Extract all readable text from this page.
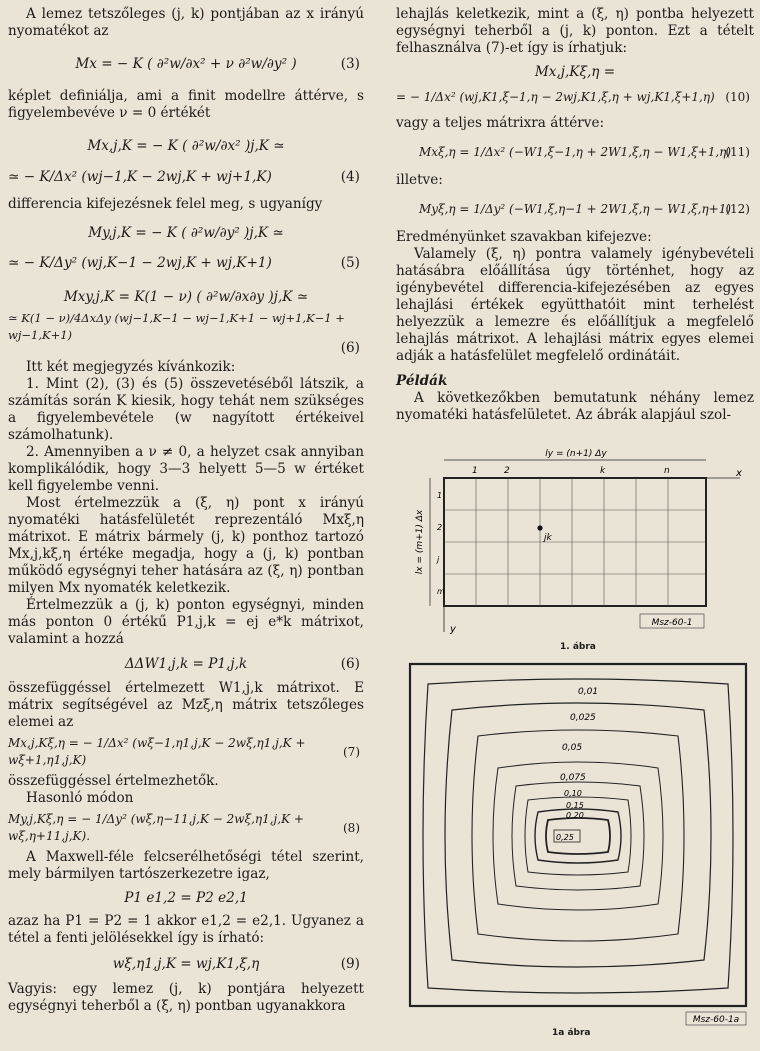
A lemez tetszőleges (j, k) pontjában az x irányú nyomatékot az

Mx = − K
( ∂²w/∂x² + ν ∂²w/∂y² )	(3)

képlet definiálja, ami a finit modellre áttérve, s figyelembevéve ν = 0 értékét

Mx,j,K = − K ( ∂²w/∂x² )j,K ≃
≃ − K/Δx² (wj−1,K − 2wj,K + wj+1,K)	(4)

differencia kifejezésnek felel meg, s ugyanígy

My,j,K = − K ( ∂²w/∂y² )j,K ≃
≃ − K/Δy² (wj,K−1 − 2wj,K + wj,K+1)	(5)
Mxy,j,K = K(1 − ν) ( ∂²w/∂x∂y )j,K ≃
≃ K(1 − ν)/4ΔxΔy (wj−1,K−1 − wj−1,K+1 − wj+1,K−1 + wj−1,K+1)
(6)

Itt két megjegyzés kívánkozik:

1. Mint (2), (3) és (5) összevetéséből látszik, a számítás során K kiesik, hogy tehát nem szükséges a figyelembevétele (w nagyított értékeivel számolhatunk).

2. Amennyiben a ν ≠ 0, a helyzet csak annyiban komplikálódik, hogy 3—3 helyett 5—5 w értéket kell figyelembe venni.

Most értelmezzük a (ξ, η) pont x irányú nyomatéki hatásfelületét reprezentáló Mxξ,η mátrixot. E mátrix bármely (j, k) ponthoz tartozó Mx,j,kξ,η értéke megadja, hogy a (j, k) pontban működő egységnyi teher hatására az (ξ, η) pontban milyen Mx nyomaték keletkezik.

Értelmezzük a (j, k) ponton egységnyi, minden más ponton 0 értékű P1,j,k = ej e*k mátrixot, valamint a hozzá

ΔΔW1,j,k = P1,j,k	(6)

összefüggéssel értelmezett W1,j,k mátrixot. E mátrix segítségével az Mzξ,η mátrix tetszőleges elemei az

Mx,j,Kξ,η = − 1/Δx² (wξ−1,η1,j,K − 2wξ,η1,j,K + wξ+1,η1,j,K)
(7)

összefüggéssel értelmezhetők.

Hasonló módon

My,j,Kξ,η = − 1/Δy² (wξ,η−11,j,K − 2wξ,η1,j,K + wξ,η+11,j,K).
(8)

A Maxwell-féle felcserélhetőségi tétel szerint, mely bármilyen tartószerkezetre igaz,

P1 e1,2 = P2 e2,1

azaz ha P1 = P2 = 1 akkor e1,2 = e2,1. Ugyanez a tétel a fenti jelölésekkel így is írható:

wξ,η1,j,K = wj,K1,ξ,η	(9)

Vagyis: egy lemez (j, k) pontjára helyezett egységnyi teherből a (ξ, η) pontban ugyanakkora

lehajlás keletkezik, mint a (ξ, η) pontba helyezett egységnyi teherből a (j, k) ponton. Ezt a tételt felhasználva (7)-et így is írhatjuk:

Mx,j,Kξ,η =
= − 1/Δx² (wj,K1,ξ−1,η − 2wj,K1,ξ,η + wj,K1,ξ+1,η) (10)

vagy a teljes mátrixra áttérve:

Mxξ,η = 1/Δx² (−W1,ξ−1,η + 2W1,ξ,η − W1,ξ+1,η)
(11)

illetve:

Myξ,η = 1/Δy² (−W1,ξ,η−1 + 2W1,ξ,η − W1,ξ,η+1)
(12)

Eredményünket szavakban kifejezve:

Valamely (ξ, η) pontra valamely igénybevételi hatásábra előállítása úgy történhet, hogy az igénybevétel differencia-kifejezésében az egyes lehajlási értékek együtthatóit mint terhelést helyezzük a lemezre és előállítjuk a megfelelő lehajlás mátrixot. A lehajlási mátrix egyes elemei adják a hatásfelület megfelelő ordinátáit.

Példák

A következőkben bemutatunk néhány lemez nyomatéki hatásfelületet. Az ábrák alapjául szol-

ly = (n+1) Δy
lx = (m+1) Δx
1	2	k	n
1
2
j
m
x
y
jk
Msz-60-1
1. ábra
0,01
0,025
0,05
0,075
0,10
0,15
0,20
0,25
Msz-60-1a
1a ábra
